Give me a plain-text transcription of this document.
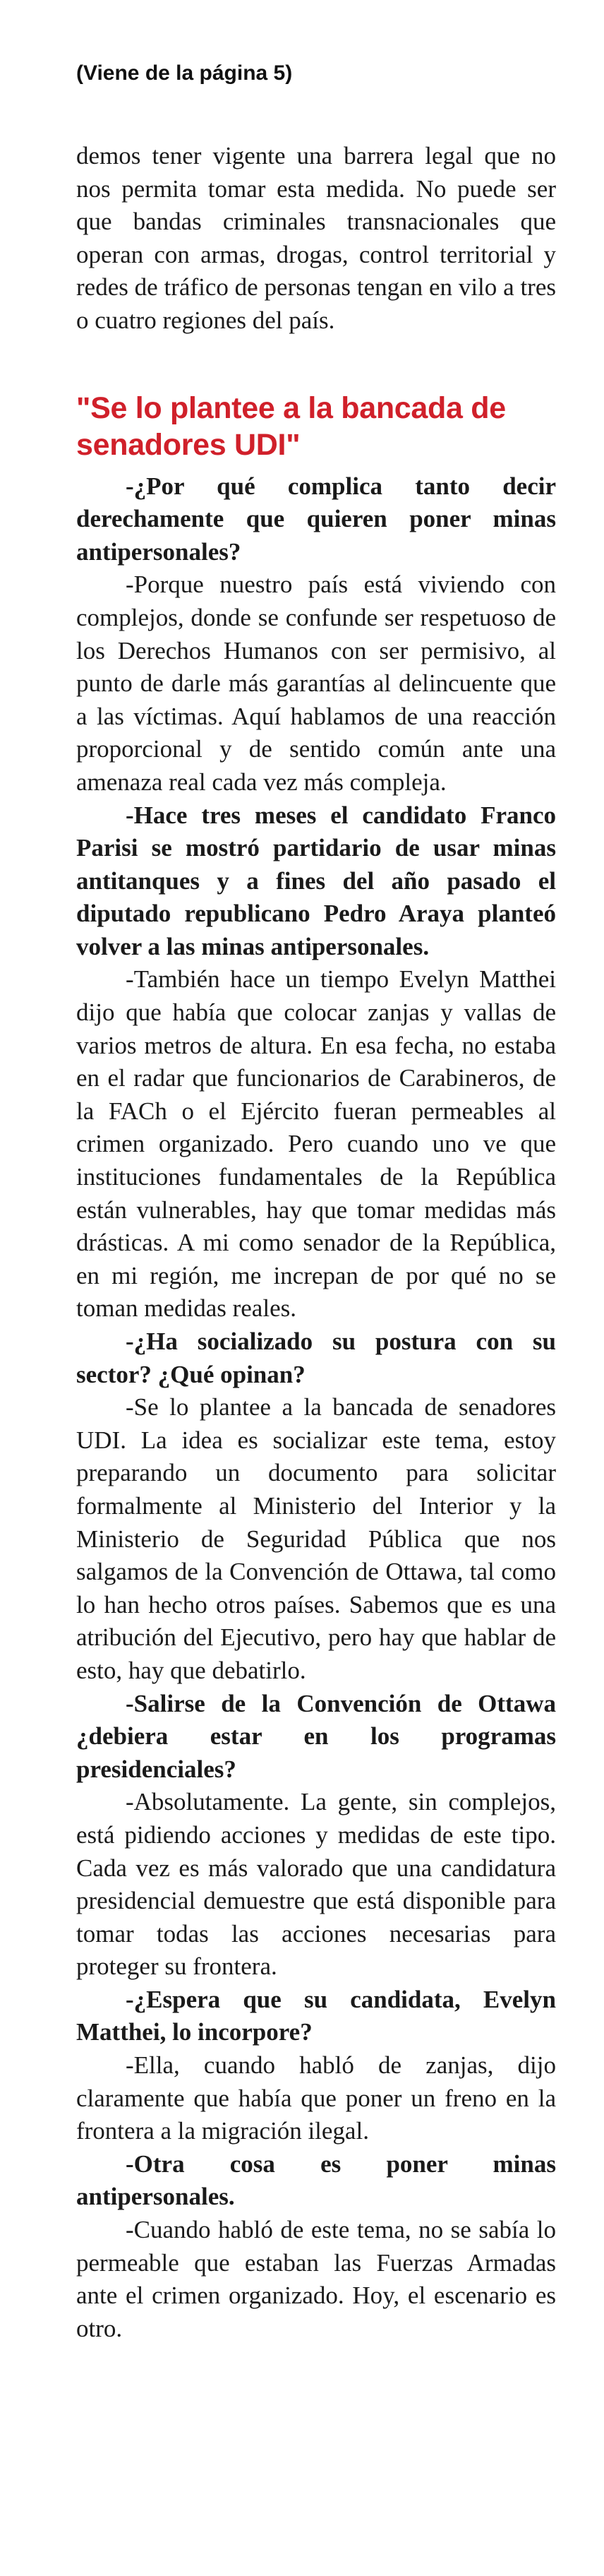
(Viene de la página 5)

demos tener vigente una barrera legal que no nos permita tomar esta medida. No puede ser que bandas criminales transnacionales que operan con armas, drogas, control territorial y redes de tráfico de personas tengan en vilo a tres o cuatro regiones del país.

"Se lo plantee a la bancada de senadores UDI"

-¿Por qué complica tanto decir derechamente que quieren poner minas antipersonales?

-Porque nuestro país está viviendo con complejos, donde se confunde ser respetuoso de los Derechos Humanos con ser permisivo, al punto de darle más garantías al delincuente que a las víctimas. Aquí hablamos de una reacción proporcional y de sentido común ante una amenaza real cada vez más compleja.

-Hace tres meses el candidato Franco Parisi se mostró partidario de usar minas antitanques y a fines del año pasado el diputado republicano Pedro Araya planteó volver a las minas antipersonales.

-También hace un tiempo Evelyn Matthei dijo que había que colocar zanjas y vallas de varios metros de altura. En esa fecha, no estaba en el radar que funcionarios de Carabineros, de la FACh o el Ejército fueran permeables al crimen organizado. Pero cuando uno ve que instituciones fundamentales de la República están vulnerables, hay que tomar medidas más drásticas. A mi como senador de la República, en mi región, me increpan de por qué no se toman medidas reales.

-¿Ha socializado su postura con su sector? ¿Qué opinan?

-Se lo plantee a la bancada de senadores UDI. La idea es socializar este tema, estoy preparando un documento para solicitar formalmente al Ministerio del Interior y la Ministerio de Seguridad Pública que nos salgamos de la Convención de Ottawa, tal como lo han hecho otros países. Sabemos que es una atribución del Ejecutivo, pero hay que hablar de esto, hay que debatirlo.

-Salirse de la Convención de Ottawa ¿debiera estar en los programas presidenciales?

-Absolutamente. La gente, sin complejos, está pidiendo acciones y medidas de este tipo. Cada vez es más valorado que una candidatura presidencial demuestre que está disponible para tomar todas las acciones necesarias para proteger su frontera.

-¿Espera que su candidata, Evelyn Matthei, lo incorpore?

-Ella, cuando habló de zanjas, dijo claramente que había que poner un freno en la frontera a la migración ilegal.

-Otra cosa es poner minas antipersonales.

-Cuando habló de este tema, no se sabía lo permeable que estaban las Fuerzas Armadas ante el crimen organizado. Hoy, el escenario es otro.
